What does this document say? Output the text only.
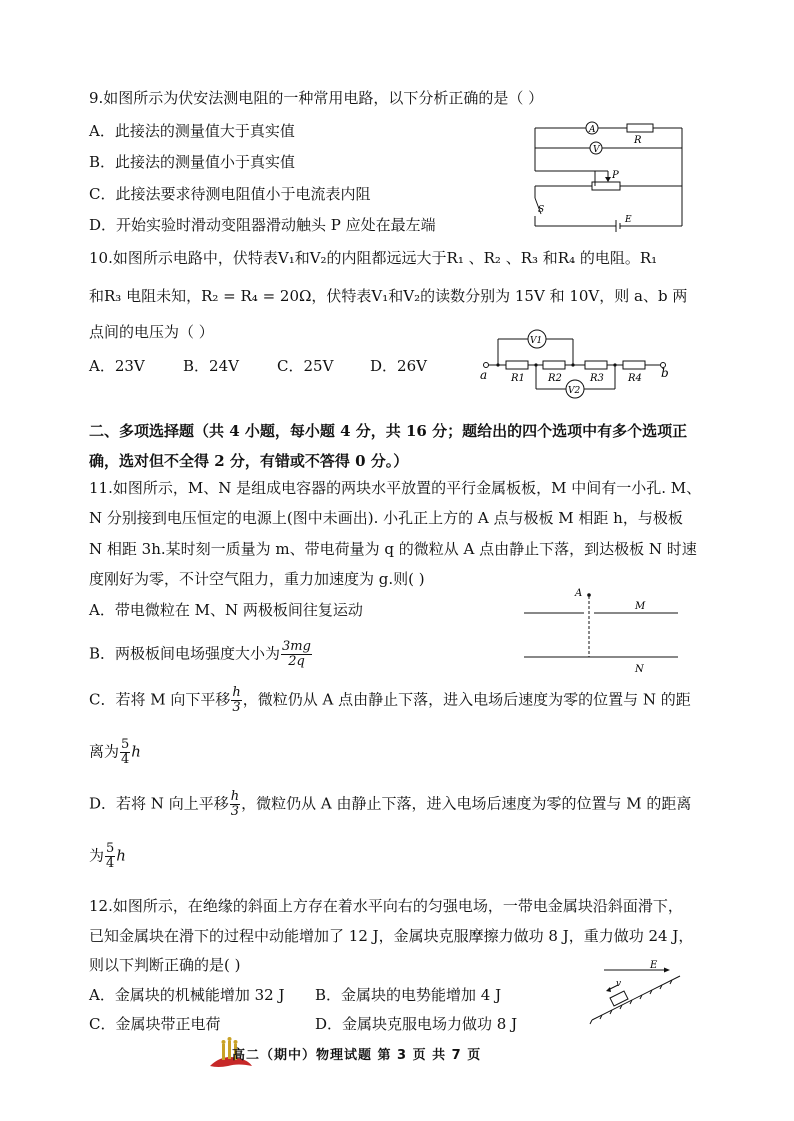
9.如图所示为伏安法测电阻的一种常用电路，以下分析正确的是（ ）
A．此接法的测量值大于真实值
B．此接法的测量值小于真实值
C．此接法要求待测电阻值小于电流表内阻
D．开始实验时滑动变阻器滑动触头 P 应处在最左端
A
R
V
P
S
E
10.如图所示电路中，伏特表V₁和V₂的内阻都远远大于R₁ 、R₂ 、R₃ 和R₄ 的电阻。R₁
和R₃ 电阻未知，R₂ = R₄ = 20Ω，伏特表V₁和V₂的读数分别为 15V 和 10V，则 a、b 两
点间的电压为（ ）
A．23V	B．24V	C．25V D．26V	a	b
R1 R2	R3 R4
V1
V2
二、多项选择题（共 4 小题，每小题 4 分，共 16 分；题给出的四个选项中有多个选项正
确，选对但不全得 2 分，有错或不答得 0 分。）
11.如图所示，M、N 是组成电容器的两块水平放置的平行金属板板，M 中间有一小孔. M、
N 分别接到电压恒定的电源上(图中未画出). 小孔正上方的 A 点与极板 M 相距 h，与极板
N 相距 3h.某时刻一质量为 m、带电荷量为 q 的微粒从 A 点由静止下落，到达极板 N 时速
度刚好为零，不计空气阻力，重力加速度为 g.则( )
A．带电微粒在 M、N 两极板间往复运动
B．两极板间电场强度大小为 $\frac{3mg}{2q}$
C．若将 M 向下平移 $\frac{h}{3}$ ，微粒仍从 A 点由静止下落，进入电场后速度为零的位置与 N 的距
离为 $\frac{5}{4}$ h
D．若将 N 向上平移 $\frac{h}{3}$ ，微粒仍从 A 由静止下落，进入电场后速度为零的位置与 M 的距离
为 $\frac{5}{4}$ h
A
M
N
12.如图所示，在绝缘的斜面上方存在着水平向右的匀强电场，一带电金属块沿斜面滑下，
已知金属块在滑下的过程中动能增加了 12 J，金属块克服摩擦力做功 8 J，重力做功 24 J，
则以下判断正确的是( )
A．金属块的机械能增加 32 J B．金属块的电势能增加 4 J
C．金属块带正电荷	D．金属块克服电场力做功 8 J
E
v
高二（期中）物理试题 第 3 页 共 7 页
